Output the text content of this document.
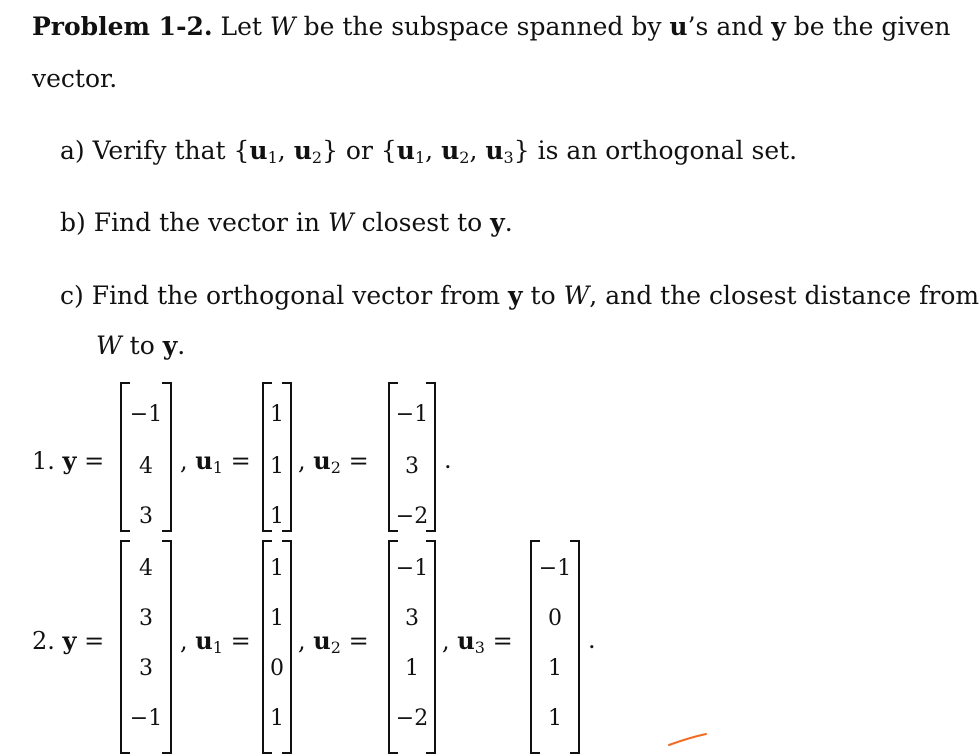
Problem 1-2. Let W be the subspace spanned by u’s and y be the given
vector.
a) Verify that {$u_1$, $u_2$} or {$u_1$, $u_2$, $u_3$} is an orthogonal set.
b) Find the vector in W closest to y.
c) Find the orthogonal vector from y to W, and the closest distance from
W to y.
1. y =
−1
4
3
, $u_1$ =
1
1
1
, $u_2$ =
−1
3
−2
.
2. y =
4
3
3
−1
, $u_1$ =
1
1
0
1
, $u_2$ =
−1
3
1
−2
, $u_3$ =
−1
0
1
1
.
